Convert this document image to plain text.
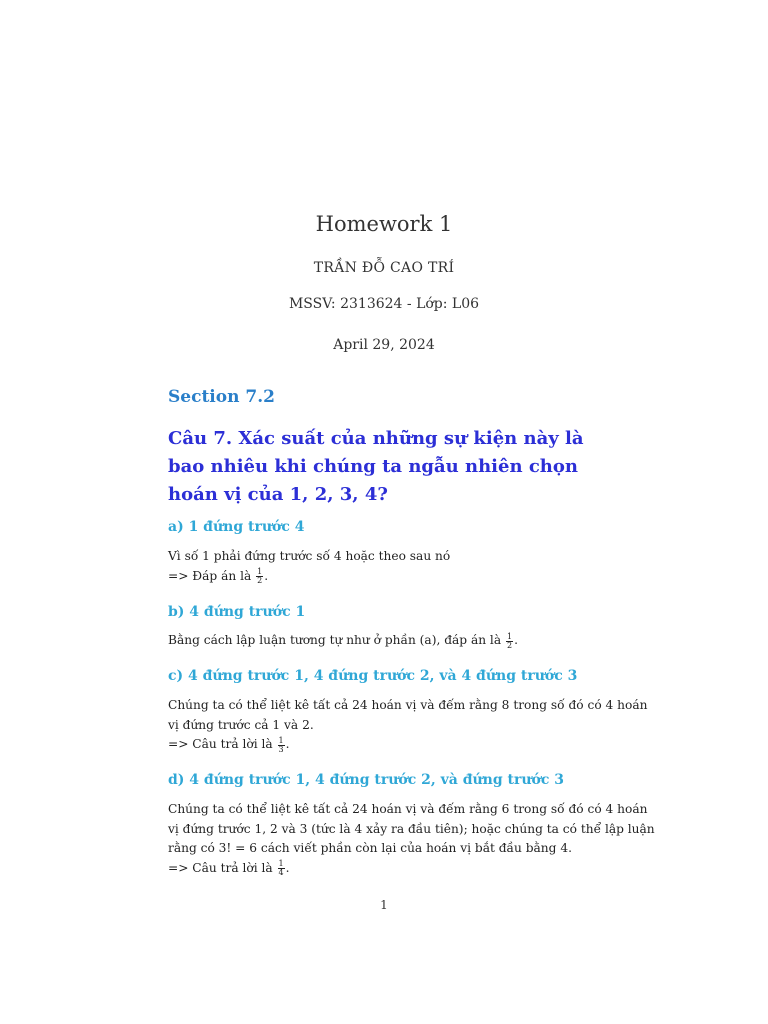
Homework 1
TRẦN ĐỖ CAO TRÍ
MSSV: 2313624 - Lớp: L06
April 29, 2024
Section 7.2
Câu 7. Xác suất của những sự kiện này là bao nhiêu khi chúng ta ngẫu nhiên chọn hoán vị của 1, 2, 3, 4?
a) 1 đứng trước 4
Vì số 1 phải đứng trước số 4 hoặc theo sau nó
=> Đáp án là $\frac{1}{2}$ .
b) 4 đứng trước 1
Bằng cách lập luận tương tự như ở phần (a), đáp án là $\frac{1}{2}$ .
c) 4 đứng trước 1, 4 đứng trước 2, và 4 đứng trước 3
Chúng ta có thể liệt kê tất cả 24 hoán vị và đếm rằng 8 trong số đó có 4 hoán
vị đứng trước cả 1 và 2.
=> Câu trả lời là $\frac{1}{3}$ .
d) 4 đứng trước 1, 4 đứng trước 2, và đứng trước 3
Chúng ta có thể liệt kê tất cả 24 hoán vị và đếm rằng 6 trong số đó có 4 hoán
vị đứng trước 1, 2 và 3 (tức là 4 xảy ra đầu tiên); hoặc chúng ta có thể lập luận
rằng có 3! = 6 cách viết phần còn lại của hoán vị bắt đầu bằng 4.
=> Câu trả lời là $\frac{1}{4}$ .
1
